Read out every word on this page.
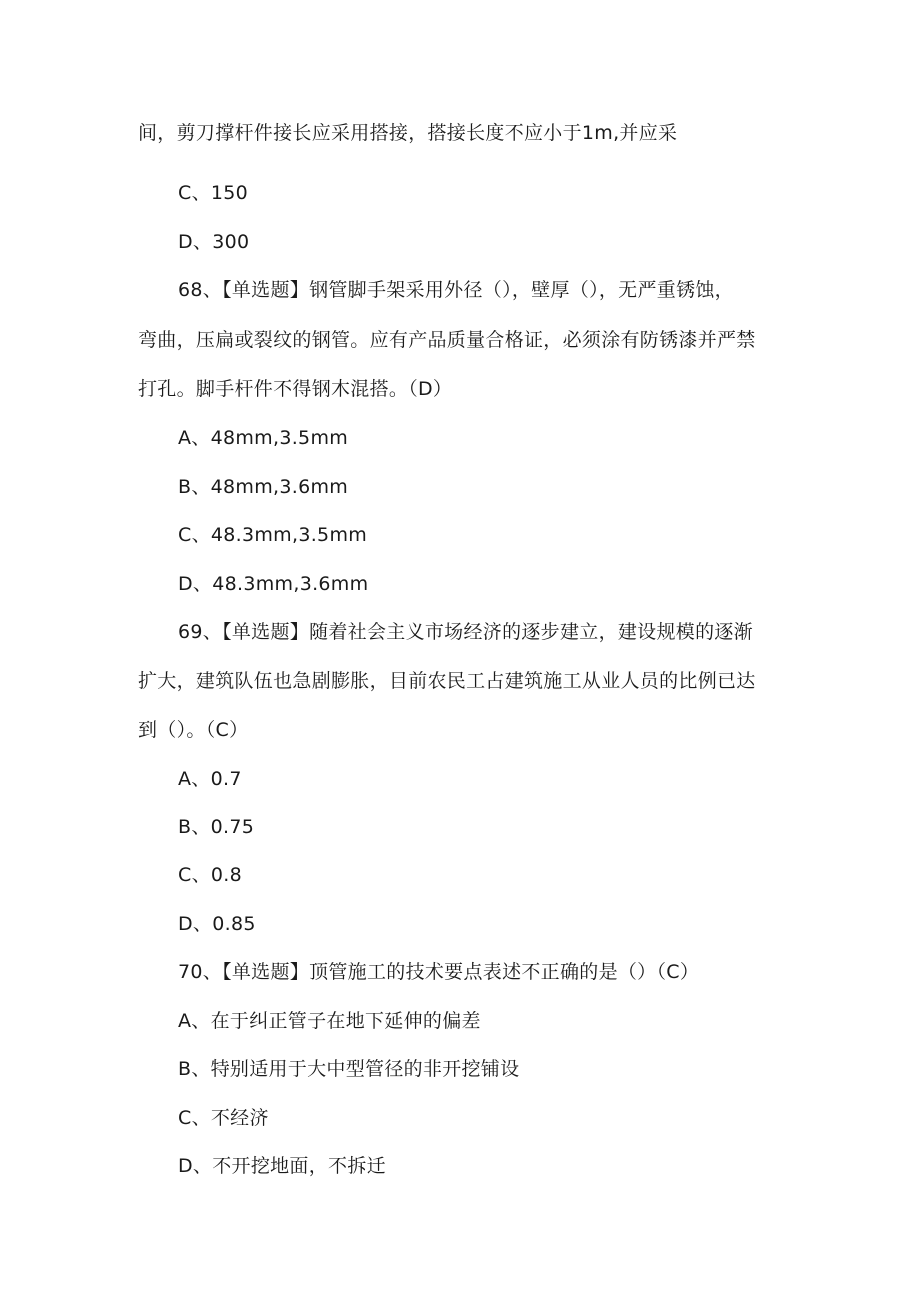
间，剪刀撑杆件接长应采用搭接，搭接长度不应小于1m,并应采
C、150
D、300
68、【单选题】钢管脚手架采用外径（），壁厚（），无严重锈蚀，
弯曲，压扁或裂纹的钢管。应有产品质量合格证，必须涂有防锈漆并严禁
打孔。脚手杆件不得钢木混搭。（D）
A、48mm,3.5mm
B、48mm,3.6mm
C、48.3mm,3.5mm
D、48.3mm,3.6mm
69、【单选题】随着社会主义市场经济的逐步建立，建设规模的逐渐
扩大，建筑队伍也急剧膨胀，目前农民工占建筑施工从业人员的比例已达
到（）。（C）
A、0.7
B、0.75
C、0.8
D、0.85
70、【单选题】顶管施工的技术要点表述不正确的是（）（C）
A、在于纠正管子在地下延伸的偏差
B、特别适用于大中型管径的非开挖铺设
C、不经济
D、不开挖地面，不拆迁
